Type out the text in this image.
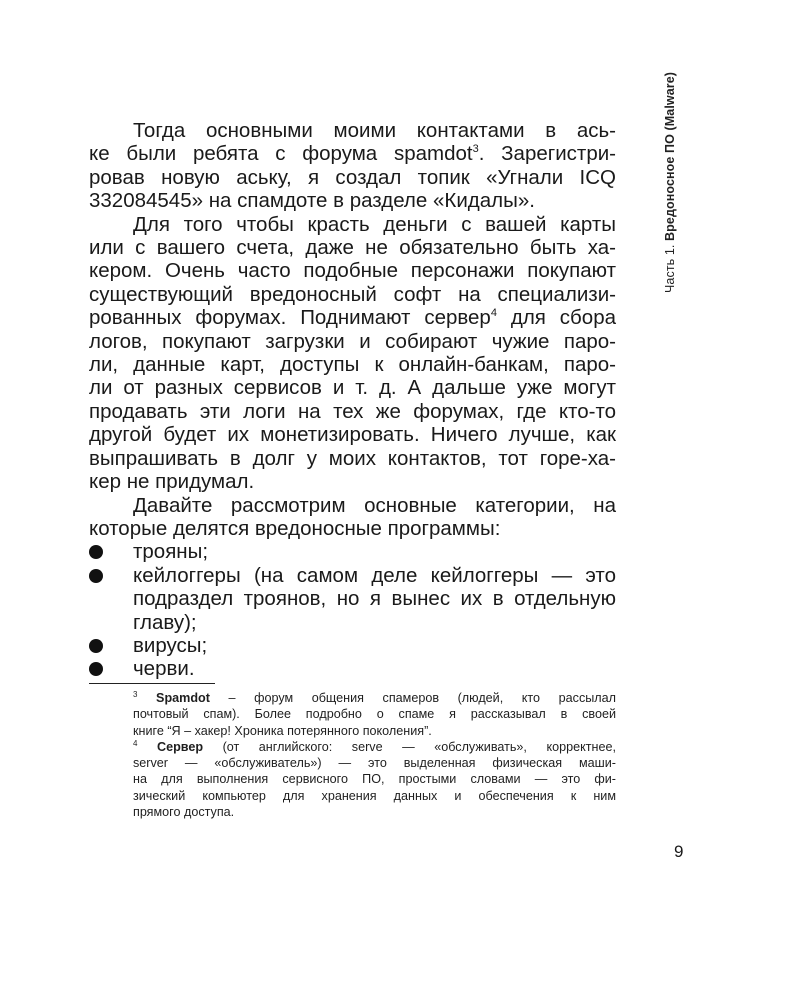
Часть 1. Вредоносное ПО (Malware)
Тогда основными моими контактами в ась-
ке были ребята с форума spamdot$^3$. Зарегистри-
ровав новую аську, я создал топик «Угнали ICQ
332084545» на спамдоте в разделе «Кидалы».
Для того чтобы красть деньги с вашей карты
или с вашего счета, даже не обязательно быть ха-
кером. Очень часто подобные персонажи покупают
существующий вредоносный софт на специализи-
рованных форумах. Поднимают сервер$^4$ для сбора
логов, покупают загрузки и собирают чужие паро-
ли, данные карт, доступы к онлайн-банкам, паро-
ли от разных сервисов и т. д. А дальше уже могут
продавать эти логи на тех же форумах, где кто-то
другой будет их монетизировать. Ничего лучше, как
выпрашивать в долг у моих контактов, тот горе-ха-
кер не придумал.
Давайте рассмотрим основные категории, на
которые делятся вредоносные программы:
трояны;
кейлоггеры (на самом деле кейлоггеры — это
подраздел троянов, но я вынес их в отдельную
главу);
вирусы;
черви.
$^3$ Spamdot – форум общения спамеров (людей, кто рассылал
почтовый спам). Более подробно о спаме я рассказывал в своей
книге “Я – хакер! Хроника потерянного поколения”.
$^4$ Сервер (от английского: serve — «обслуживать», корректнее,
server — «обслуживатель») — это выделенная физическая маши-
на для выполнения сервисного ПО, простыми словами — это фи-
зический компьютер для хранения данных и обеспечения к ним
прямого доступа.
9
